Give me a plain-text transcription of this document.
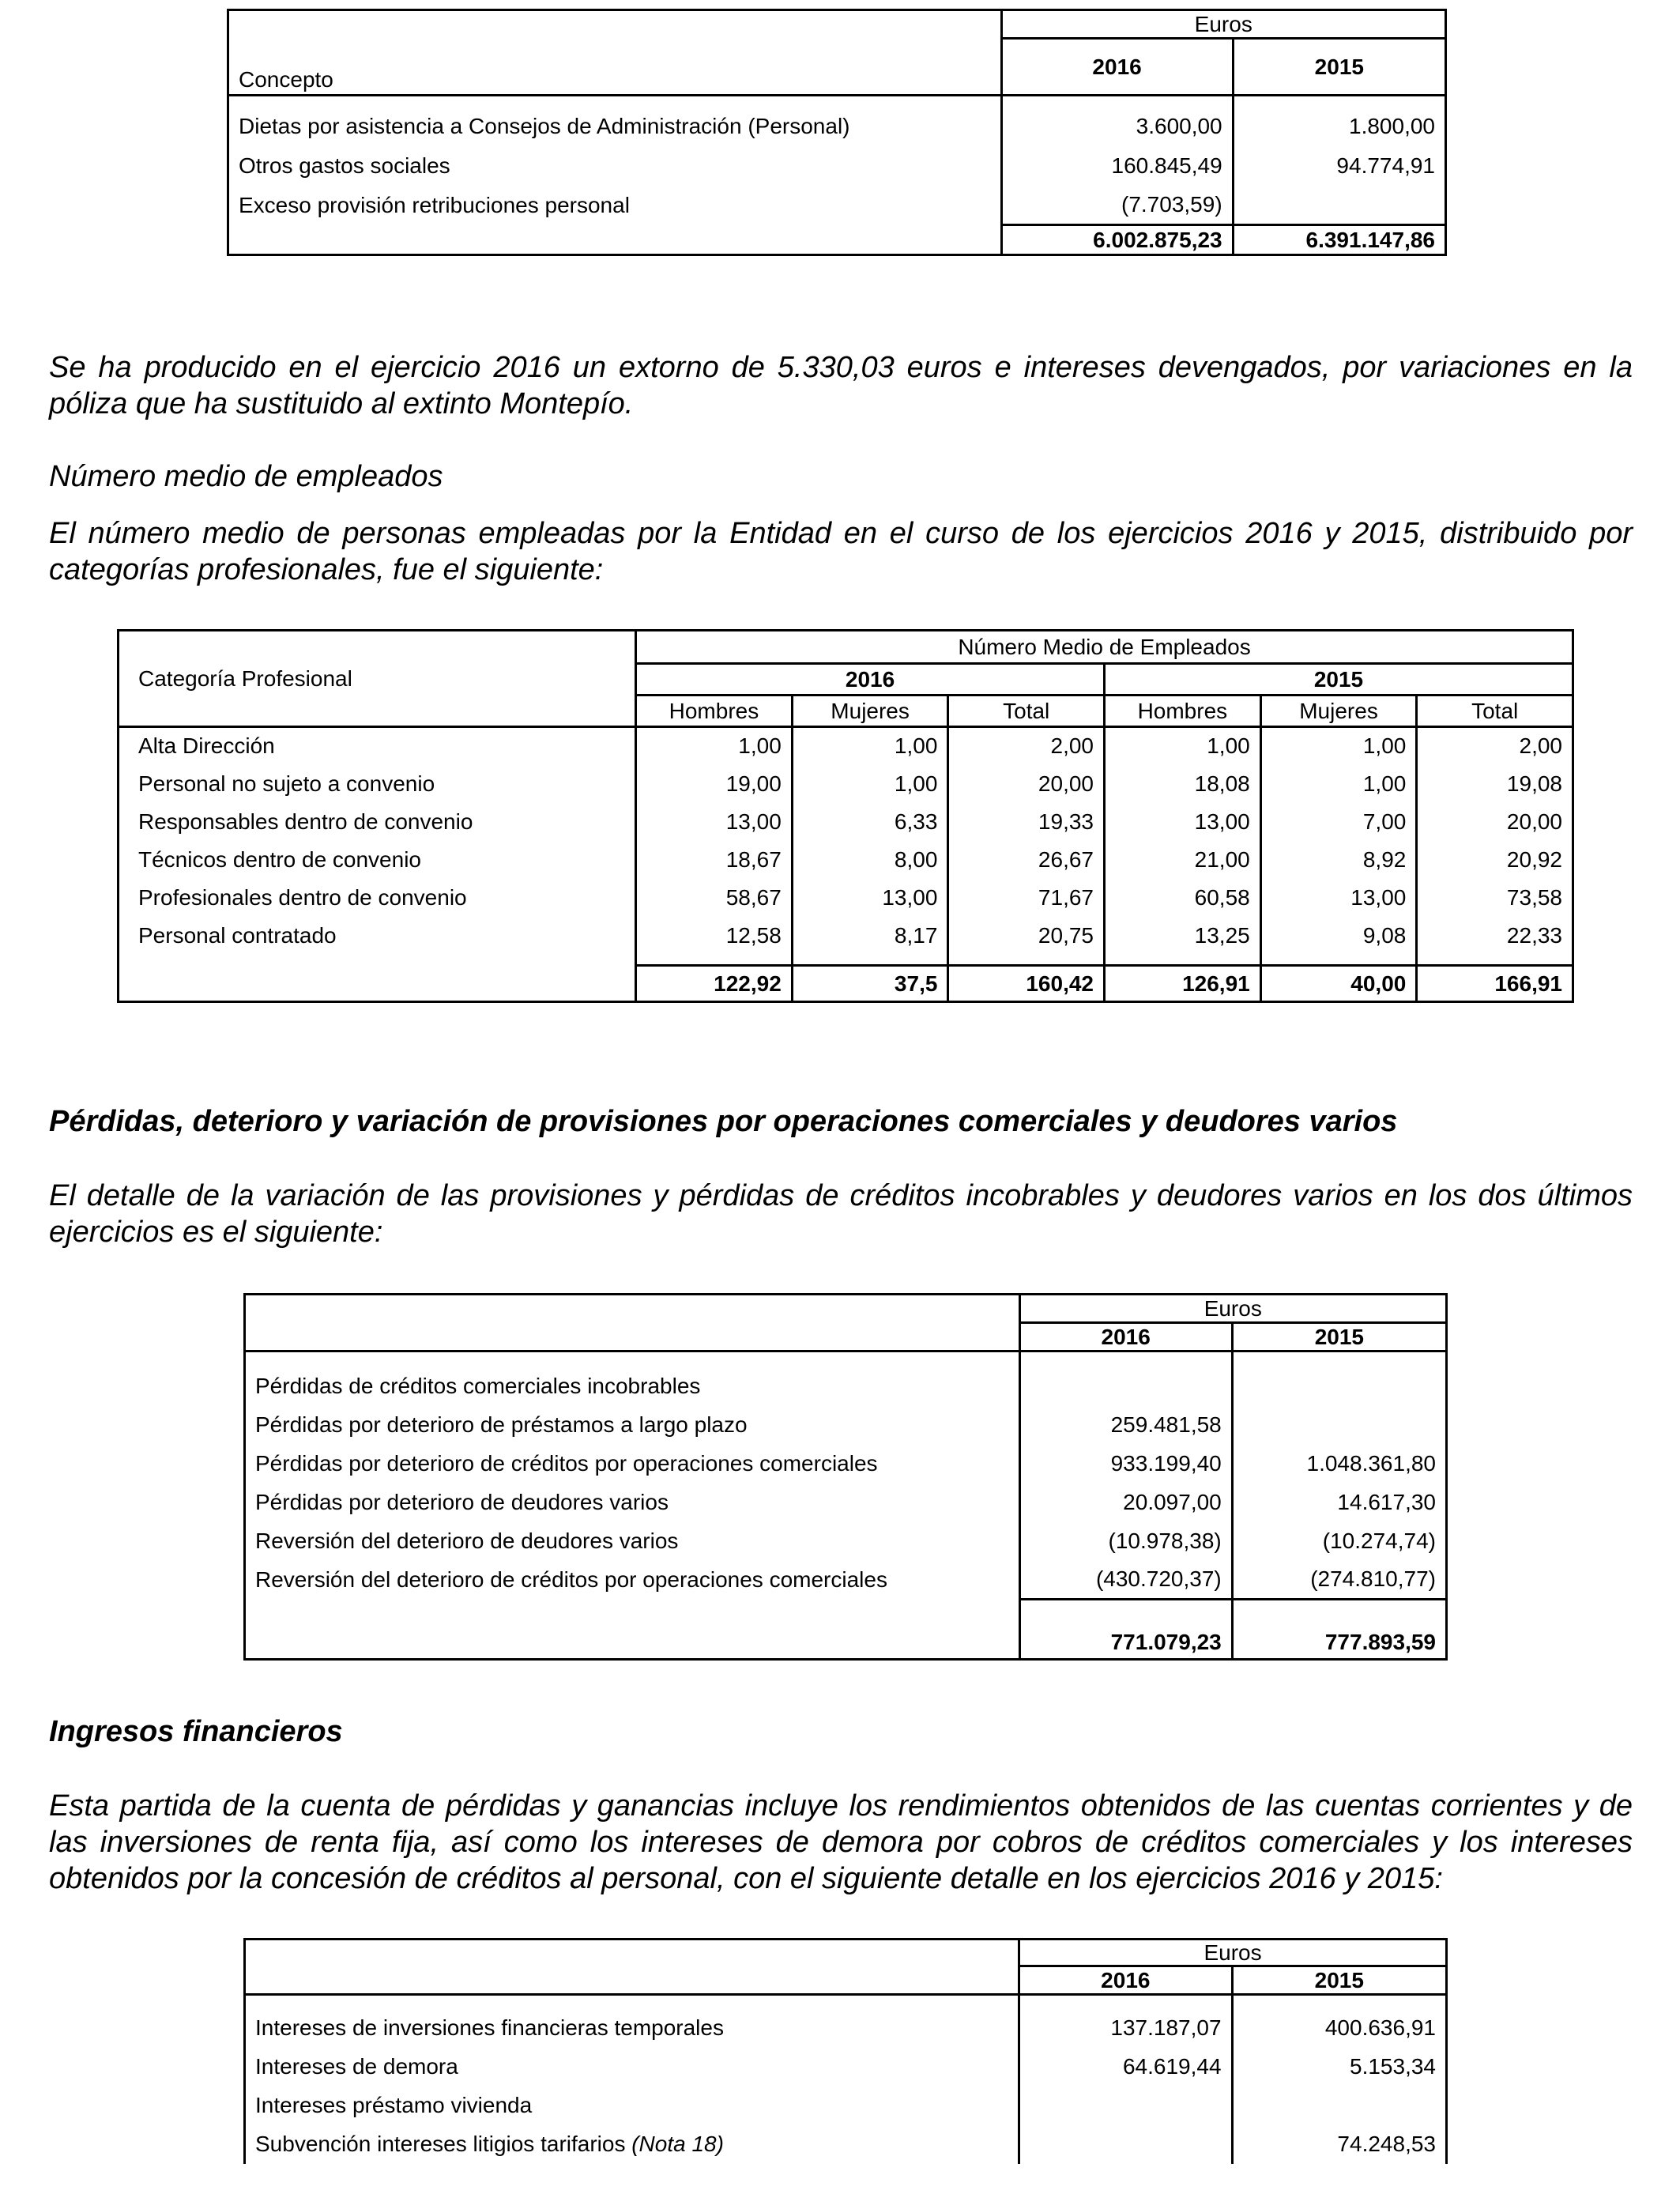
Concepto	Euros	
	2016	2015

Dietas por asistencia a Consejos de Administración (Personal)	3.600,00	1.800,00
Otros gastos sociales	160.845,49	94.774,91
Exceso provisión retribuciones personal	(7.703,59)	
	6.002.875,23	6.391.147,86
Se ha producido en el ejercicio 2016 un extorno de 5.330,03 euros e intereses devengados, por variaciones en la
póliza que ha sustituido al extinto Montepío.
Número medio de empleados
El número medio de personas empleadas por la Entidad en el curso de los ejercicios 2016 y 2015, distribuido por
categorías profesionales, fue el siguiente:
Categoría Profesional	Número Medio de Empleados					
	2016			2015		
	Hombres	Mujeres	Total	Hombres	Mujeres	Total
Alta Dirección	1,00	1,00	2,00	1,00	1,00	2,00
Personal no sujeto a convenio	19,00	1,00	20,00	18,08	1,00	19,08
Responsables dentro de convenio	13,00	6,33	19,33	13,00	7,00	20,00
Técnicos dentro de convenio	18,67	8,00	26,67	21,00	8,92	20,92
Profesionales dentro de convenio	58,67	13,00	71,67	60,58	13,00	73,58
Personal contratado	12,58	8,17	20,75	13,25	9,08	22,33

	122,92	37,5	160,42	126,91	40,00	166,91
Pérdidas, deterioro y variación de provisiones por operaciones comerciales y deudores varios
El detalle de la variación de las provisiones y pérdidas de créditos incobrables y deudores varios en los dos últimos
ejercicios es el siguiente:
	Euros	
	2016	2015

Pérdidas de créditos comerciales incobrables		
Pérdidas por deterioro de préstamos a largo plazo	259.481,58	
Pérdidas por deterioro de créditos por operaciones comerciales	933.199,40	1.048.361,80
Pérdidas por deterioro de deudores varios	20.097,00	14.617,30
Reversión del deterioro de deudores varios	(10.978,38)	(10.274,74)
Reversión del deterioro de créditos por operaciones comerciales	(430.720,37)	(274.810,77)

	771.079,23	777.893,59
Ingresos financieros
Esta partida de la cuenta de pérdidas y ganancias incluye los rendimientos obtenidos de las cuentas corrientes y de
las inversiones de renta fija, así como los intereses de demora por cobros de créditos comerciales y los intereses
obtenidos por la concesión de créditos al personal, con el siguiente detalle en los ejercicios 2016 y 2015:
	Euros	
	2016	2015

Intereses de inversiones financieras temporales	137.187,07	400.636,91
Intereses de demora	64.619,44	5.153,34
Intereses préstamo vivienda		
Subvención intereses litigios tarifarios (Nota 18)		74.248,53
